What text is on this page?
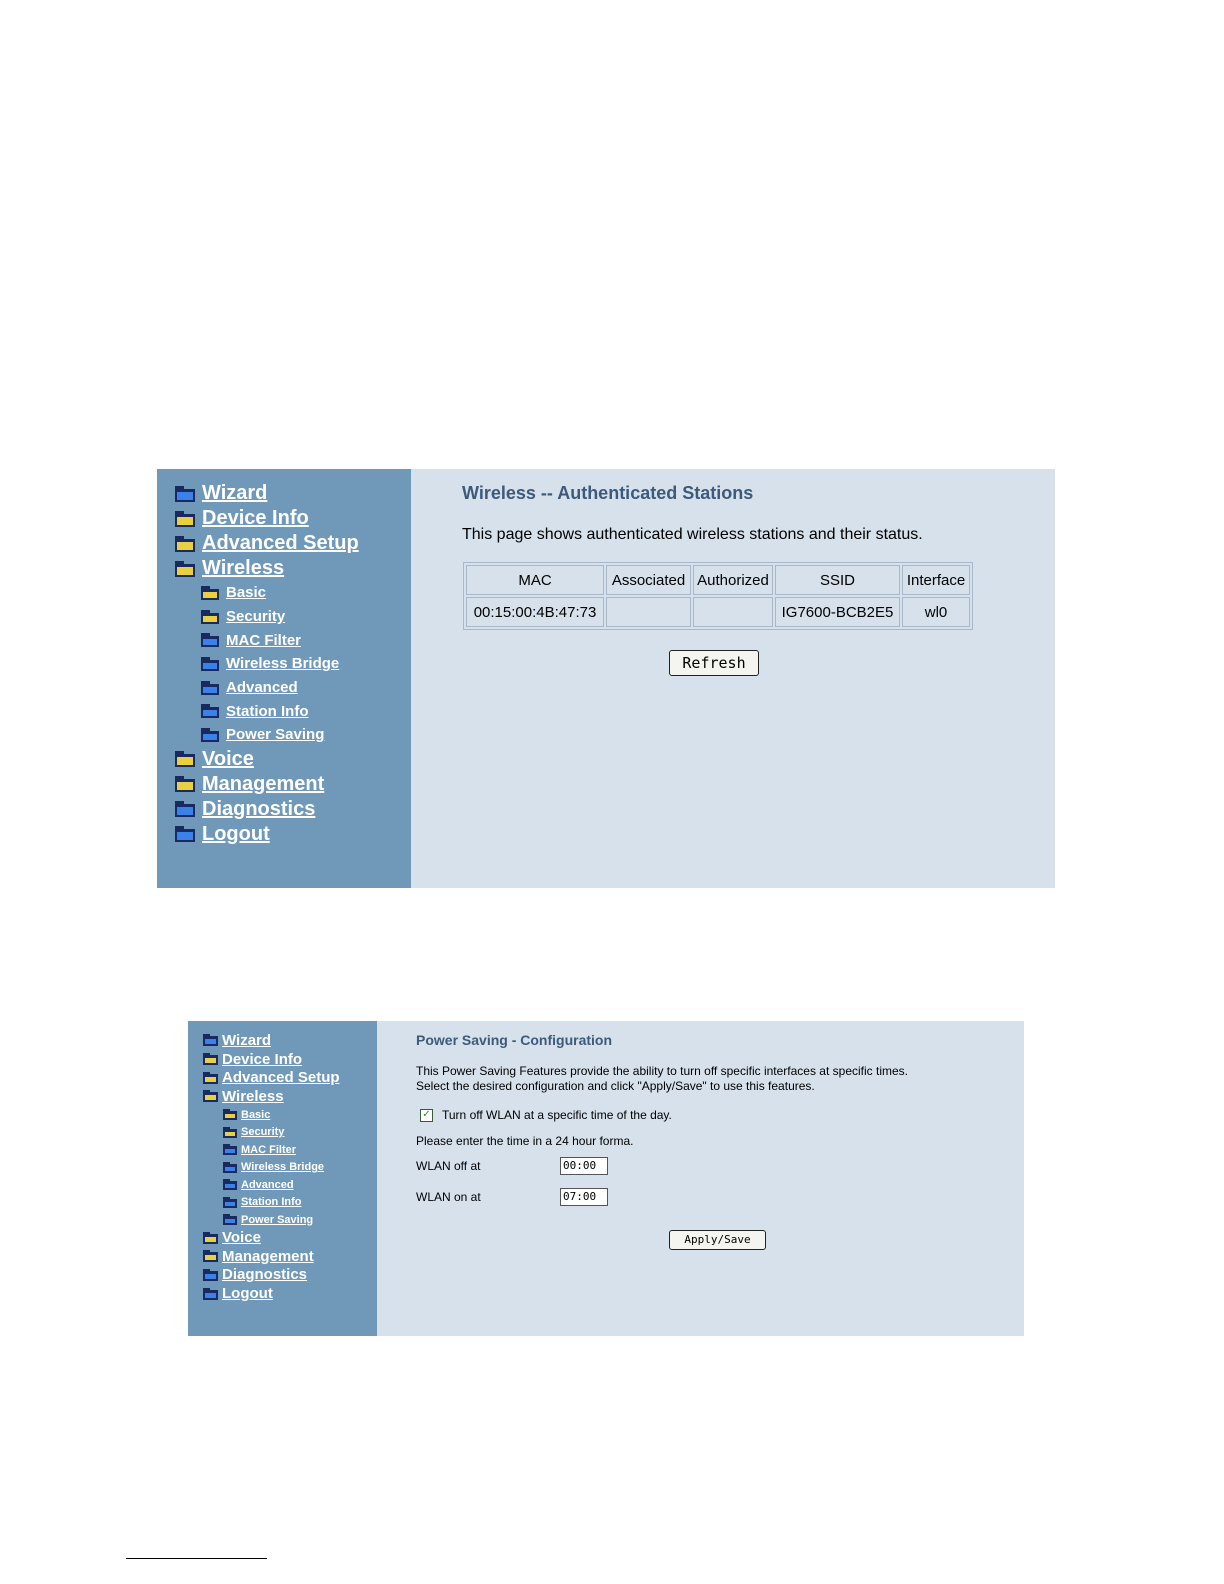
Wizard
+ Device Info
+ Advanced Setup
+ Wireless
+ Basic
+ Security
MAC Filter
Wireless Bridge
Advanced
Station Info
Power Saving
+ Voice
+ Management
Diagnostics
Logout
Wireless -- Authenticated Stations

This page shows authenticated wireless stations and their status.

MAC	Associated	Authorized	SSID	Interface
00:15:00:4B:47:73			IG7600-BCB2E5	wl0
Refresh
Wizard
+ Device Info
+ Advanced Setup
+ Wireless
+ Basic
+ Security
MAC Filter
Wireless Bridge
Advanced
Station Info
Power Saving
+ Voice
+ Management
Diagnostics
Logout
Power Saving - Configuration
This Power Saving Features provide the ability to turn off specific interfaces at specific times.
Select the desired configuration and click "Apply/Save" to use this features.
✓ Turn off WLAN at a specific time of the day.
Please enter the time in a 24 hour forma.
WLAN off at	00:00
WLAN on at	07:00
Apply/Save
